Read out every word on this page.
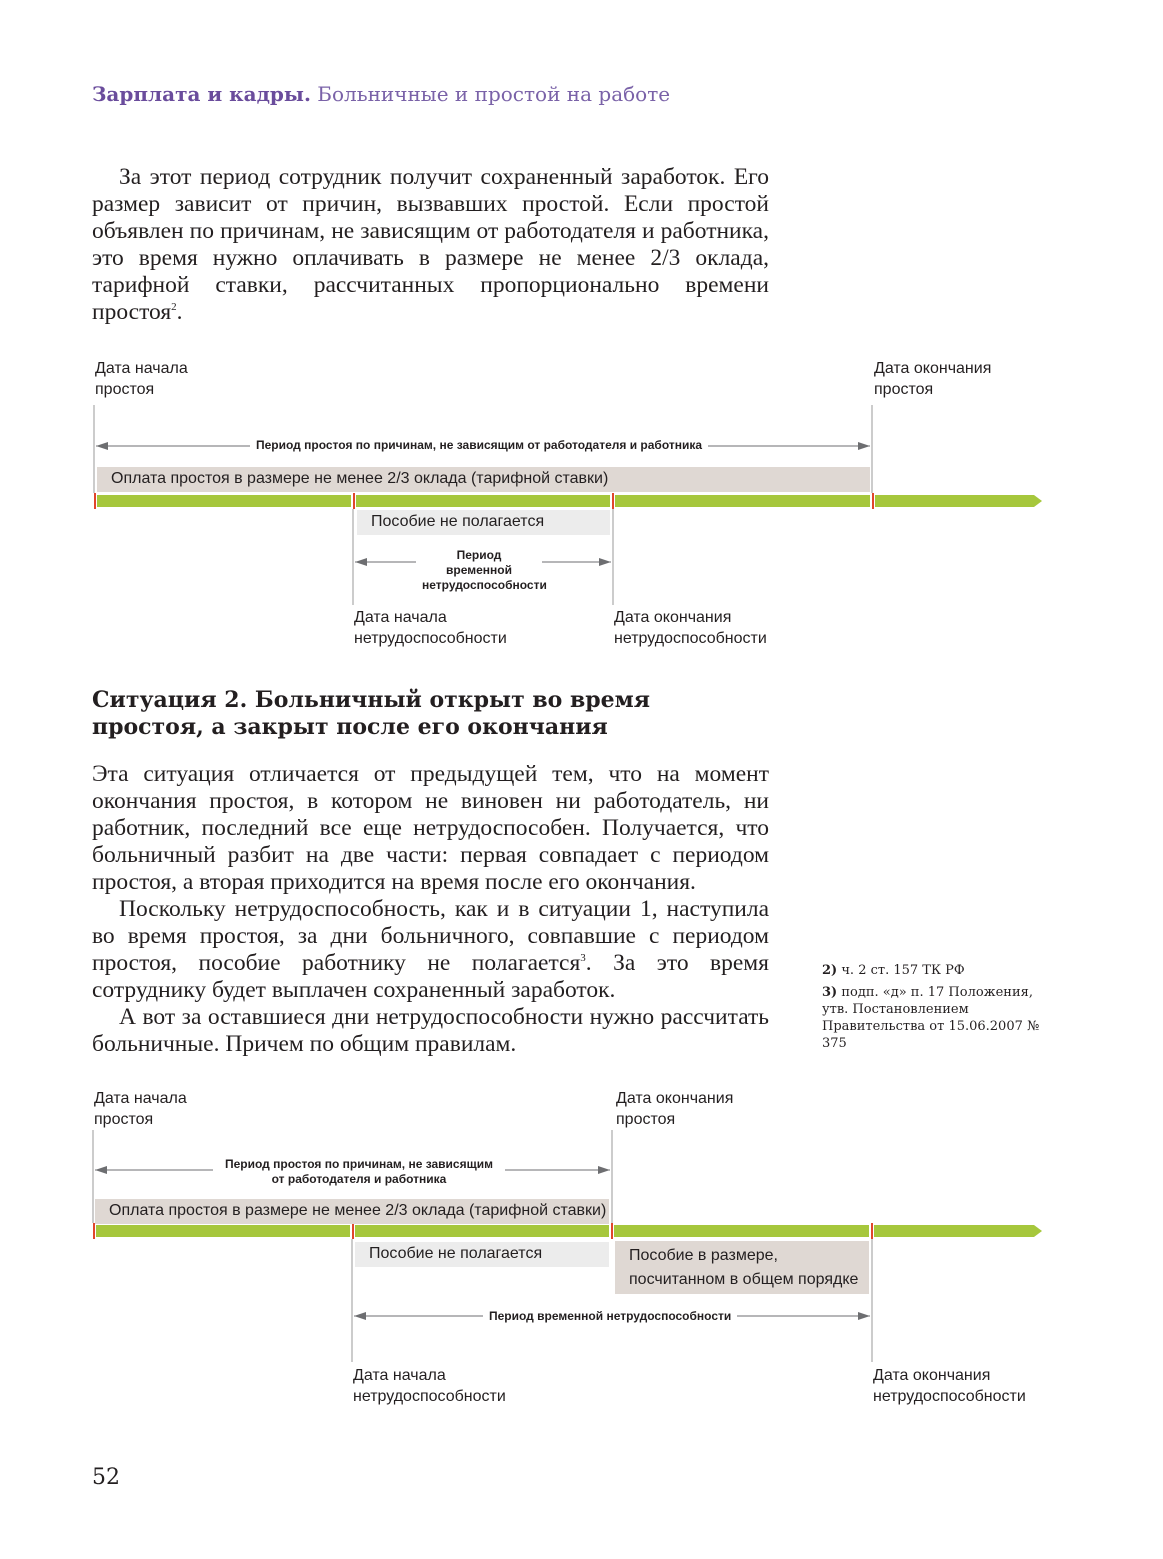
Зарплата и кадры. Больничные и простой на работе

За этот период сотрудник получит сохраненный заработок. Его размер зависит от причин, вызвавших простой. Если простой объявлен по причинам, не зависящим от работодателя и работника, это время нужно оплачивать в размере не менее 2/3 оклада, тарифной ставки, рассчитанных пропорционально времени простоя$^2$.

Дата начала простоя
Дата окончания простоя
Период простоя по причинам, не зависящим от работодателя и работника
Оплата простоя в размере не менее 2/3 оклада (тарифной ставки)
Пособие не полагается
Период временной нетрудоспособности
Дата начала нетрудоспособности
Дата окончания нетрудоспособности
Ситуация 2. Больничный открыт во время простоя, а закрыт после его окончания

Эта ситуация отличается от предыдущей тем, что на момент окончания простоя, в котором не виновен ни работодатель, ни работник, последний все еще нетрудоспособен. Получается, что больничный разбит на две части: первая совпадает с периодом простоя, а вторая приходится на время после его окончания.

Поскольку нетрудоспособность, как и в ситуации 1, наступила во время простоя, за дни больничного, совпавшие с периодом простоя, пособие работнику не полагается$^3$. За это время сотруднику будет выплачен сохраненный заработок.

А вот за оставшиеся дни нетрудоспособности нужно рассчитать больничные. Причем по общим правилам.

2) ч. 2 ст. 157 ТК РФ

3) подп. «д» п. 17 Положения, утв. Постановлением Правительства от 15.06.2007 № 375

Дата начала простоя
Дата окончания простоя
Период простоя по причинам, не зависящим от работодателя и работника
Оплата простоя в размере не менее 2/3 оклада (тарифной ставки)
Пособие не полагается	Пособие в размере, посчитанном в общем порядке
Период временной нетрудоспособности
Дата начала нетрудоспособности
Дата окончания нетрудоспособности
52
